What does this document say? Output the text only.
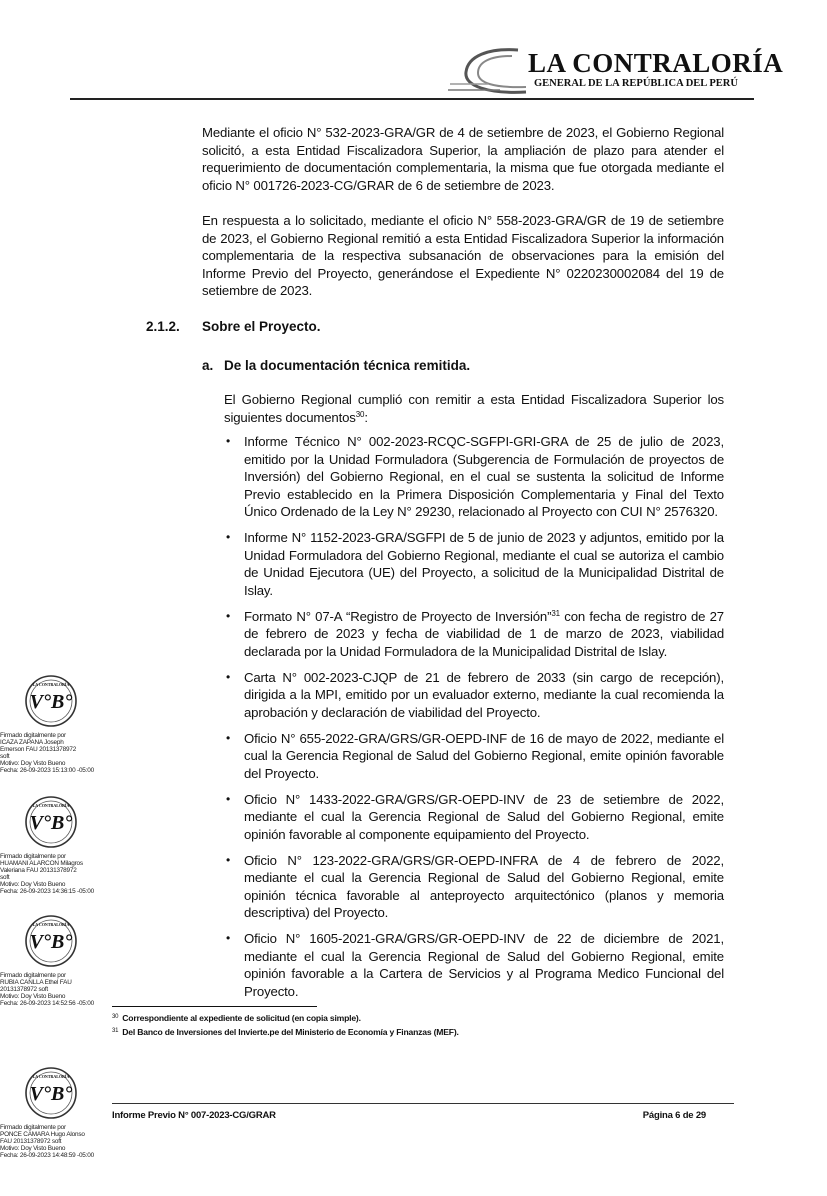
LA CONTRALORÍA
GENERAL DE LA REPÚBLICA DEL PERÚ
Mediante el oficio N° 532-2023-GRA/GR de 4 de setiembre de 2023, el Gobierno Regional solicitó, a esta Entidad Fiscalizadora Superior, la ampliación de plazo para atender el requerimiento de documentación complementaria, la misma que fue otorgada mediante el oficio N° 001726-2023-CG/GRAR de 6 de setiembre de 2023.
En respuesta a lo solicitado, mediante el oficio N° 558-2023-GRA/GR de 19 de setiembre de 2023, el Gobierno Regional remitió a esta Entidad Fiscalizadora Superior la información complementaria de la respectiva subsanación de observaciones para la emisión del Informe Previo del Proyecto, generándose el Expediente N° 0220230002084 del 19 de setiembre de 2023.
2.1.2. Sobre el Proyecto.
a. De la documentación técnica remitida.
El Gobierno Regional cumplió con remitir a esta Entidad Fiscalizadora Superior los siguientes documentos$^{30}$:
• Informe Técnico N° 002-2023-RCQC-SGFPI-GRI-GRA de 25 de julio de 2023, emitido por la Unidad Formuladora (Subgerencia de Formulación de proyectos de Inversión) del Gobierno Regional, en el cual se sustenta la solicitud de Informe Previo establecido en la Primera Disposición Complementaria y Final del Texto Único Ordenado de la Ley N° 29230, relacionado al Proyecto con CUI N° 2576320.
• Informe N° 1152-2023-GRA/SGFPI de 5 de junio de 2023 y adjuntos, emitido por la Unidad Formuladora del Gobierno Regional, mediante el cual se autoriza el cambio de Unidad Ejecutora (UE) del Proyecto, a solicitud de la Municipalidad Distrital de Islay.
• Formato N° 07-A “Registro de Proyecto de Inversión”$^{31}$ con fecha de registro de 27 de febrero de 2023 y fecha de viabilidad de 1 de marzo de 2023, viabilidad declarada por la Unidad Formuladora de la Municipalidad Distrital de Islay.
• Carta N° 002-2023-CJQP de 21 de febrero de 2033 (sin cargo de recepción), dirigida a la MPI, emitido por un evaluador externo, mediante la cual recomienda la aprobación y declaración de viabilidad del Proyecto.
• Oficio N° 655-2022-GRA/GRS/GR-OEPD-INF de 16 de mayo de 2022, mediante el cual la Gerencia Regional de Salud del Gobierno Regional, emite opinión favorable del Proyecto.
• Oficio N° 1433-2022-GRA/GRS/GR-OEPD-INV de 23 de setiembre de 2022, mediante el cual la Gerencia Regional de Salud del Gobierno Regional, emite opinión favorable al componente equipamiento del Proyecto.
• Oficio N° 123-2022-GRA/GRS/GR-OEPD-INFRA de 4 de febrero de 2022, mediante el cual la Gerencia Regional de Salud del Gobierno Regional, emite opinión técnica favorable al anteproyecto arquitectónico (planos y memoria descriptiva) del Proyecto.
• Oficio N° 1605-2021-GRA/GRS/GR-OEPD-INV de 22 de diciembre de 2021, mediante el cual la Gerencia Regional de Salud del Gobierno Regional, emite opinión favorable a la Cartera de Servicios y al Programa Medico Funcional del Proyecto.
$^{30}$ Correspondiente al expediente de solicitud (en copia simple).
$^{31}$ Del Banco de Inversiones del Invierte.pe del Ministerio de Economía y Finanzas (MEF).
Informe Previo N° 007-2023-CG/GRAR	Página 6 de 29
LA CONTRALORÍA
V°B°
Firmado digitalmente por
ICAZA ZAPANA Joseph
Emerson FAU 20131378972
soft
Motivo: Doy Visto Bueno
Fecha: 26-09-2023 15:13:00 -05:00
LA CONTRALORÍA
V°B°
Firmado digitalmente por
HUAMANI ALARCON Milagros
Valeriana FAU 20131378972
soft
Motivo: Doy Visto Bueno
Fecha: 26-09-2023 14:36:15 -05:00
LA CONTRALORÍA
V°B°
Firmado digitalmente por
RUBIA CANLLA Ethel FAU
20131378972 soft
Motivo: Doy Visto Bueno
Fecha: 26-09-2023 14:52:56 -05:00
LA CONTRALORÍA
V°B°
Firmado digitalmente por
PONCE CAMARA Hugo Alonso
FAU 20131378972 soft
Motivo: Doy Visto Bueno
Fecha: 26-09-2023 14:48:59 -05:00
